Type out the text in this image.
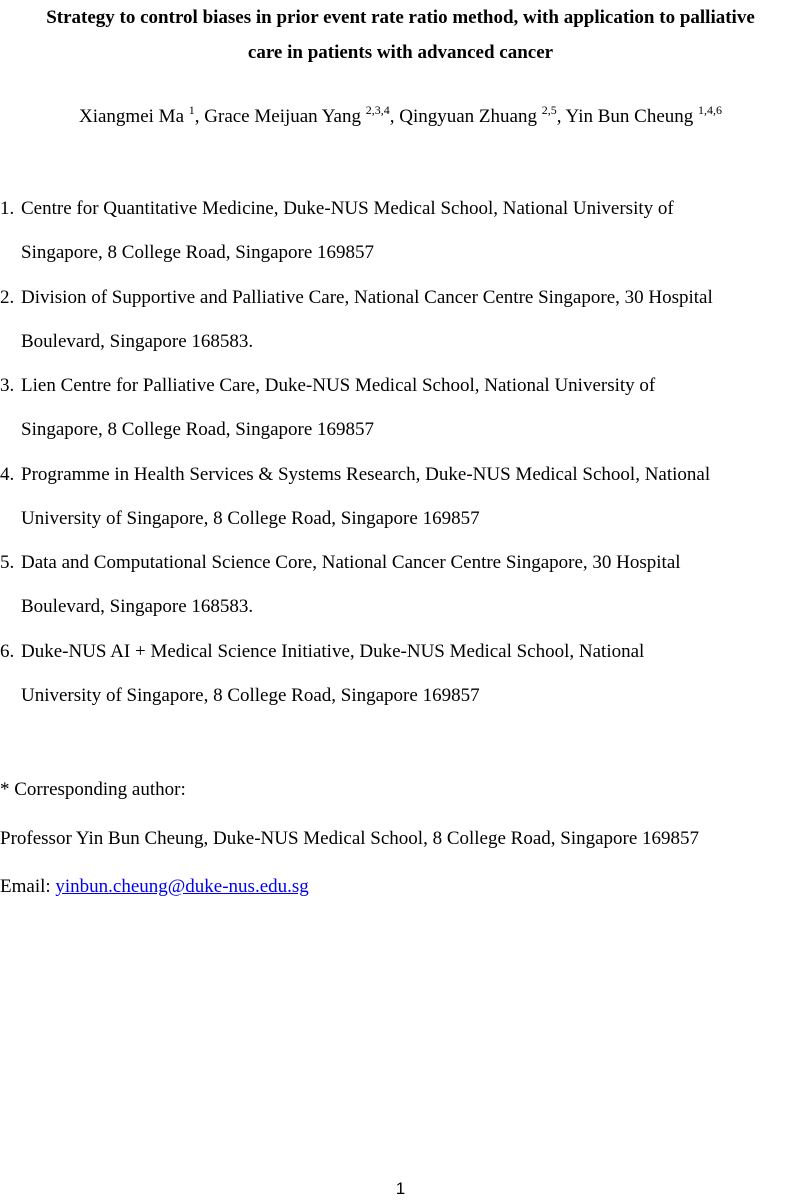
Strategy to control biases in prior event rate ratio method, with application to palliative
care in patients with advanced cancer
Xiangmei Ma $^1$, Grace Meijuan Yang $^{2,3,4}$, Qingyuan Zhuang $^{2,5}$, Yin Bun Cheung $^{1,4,6}$
1. Centre for Quantitative Medicine, Duke-NUS Medical School, National University of
Singapore, 8 College Road, Singapore 169857
2. Division of Supportive and Palliative Care, National Cancer Centre Singapore, 30 Hospital
Boulevard, Singapore 168583.
3. Lien Centre for Palliative Care, Duke-NUS Medical School, National University of
Singapore, 8 College Road, Singapore 169857
4. Programme in Health Services & Systems Research, Duke-NUS Medical School, National
University of Singapore, 8 College Road, Singapore 169857
5. Data and Computational Science Core, National Cancer Centre Singapore, 30 Hospital
Boulevard, Singapore 168583.
6. Duke-NUS AI + Medical Science Initiative, Duke-NUS Medical School, National
University of Singapore, 8 College Road, Singapore 169857
* Corresponding author:
Professor Yin Bun Cheung, Duke-NUS Medical School, 8 College Road, Singapore 169857
Email: yinbun.cheung@duke-nus.edu.sg
1
